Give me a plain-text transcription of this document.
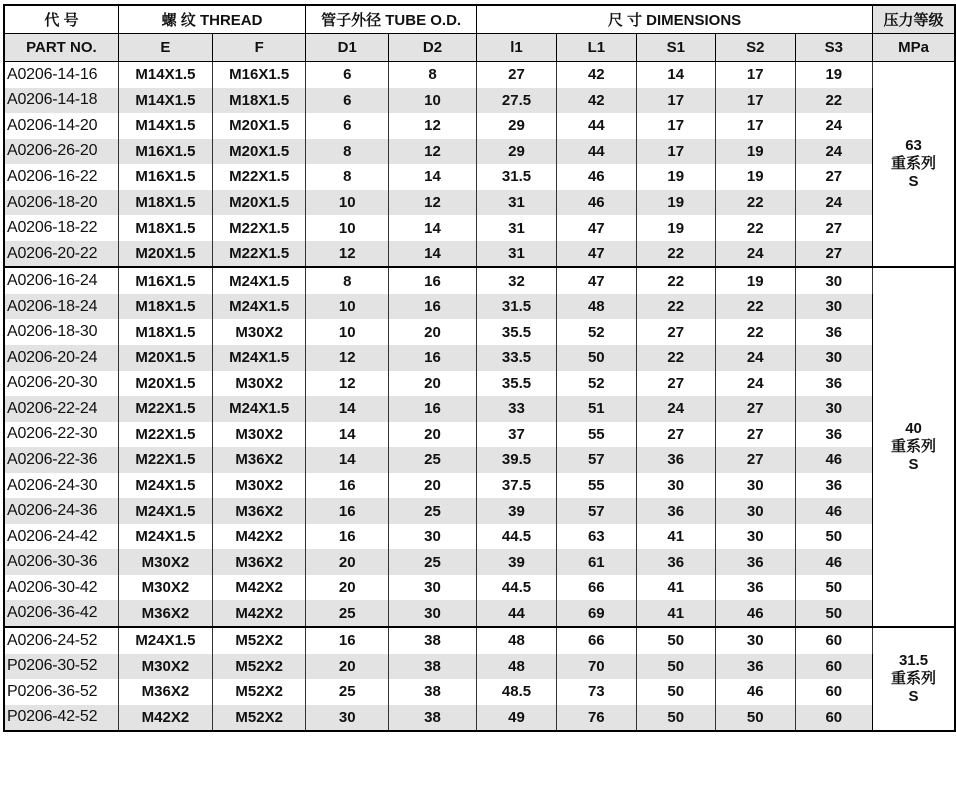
代 号	螺 纹 THREAD		管子外径 TUBE O.D.		尺 寸 DIMENSIONS					压力等级
PART NO.	E	F	D1	D2	l1	L1	S1	S2	S3	MPa
A0206-14-16	M14X1.5	M16X1.5	6	8	27	42	14	17	19	63
重系列
S

A0206-14-18	M14X1.5	M18X1.5	6	10	27.5	42	17	17	22	
A0206-14-20	M14X1.5	M20X1.5	6	12	29	44	17	17	24	
A0206-26-20	M16X1.5	M20X1.5	8	12	29	44	17	19	24	
A0206-16-22	M16X1.5	M22X1.5	8	14	31.5	46	19	19	27	
A0206-18-20	M18X1.5	M20X1.5	10	12	31	46	19	22	24	
A0206-18-22	M18X1.5	M22X1.5	10	14	31	47	19	22	27	
A0206-20-22	M20X1.5	M22X1.5	12	14	31	47	22	24	27	
A0206-16-24	M16X1.5	M24X1.5	8	16	32	47	22	19	30	40
重系列
S

A0206-18-24	M18X1.5	M24X1.5	10	16	31.5	48	22	22	30	
A0206-18-30	M18X1.5	M30X2	10	20	35.5	52	27	22	36	
A0206-20-24	M20X1.5	M24X1.5	12	16	33.5	50	22	24	30	
A0206-20-30	M20X1.5	M30X2	12	20	35.5	52	27	24	36	
A0206-22-24	M22X1.5	M24X1.5	14	16	33	51	24	27	30	
A0206-22-30	M22X1.5	M30X2	14	20	37	55	27	27	36	
A0206-22-36	M22X1.5	M36X2	14	25	39.5	57	36	27	46	
A0206-24-30	M24X1.5	M30X2	16	20	37.5	55	30	30	36	
A0206-24-36	M24X1.5	M36X2	16	25	39	57	36	30	46	
A0206-24-42	M24X1.5	M42X2	16	30	44.5	63	41	30	50	
A0206-30-36	M30X2	M36X2	20	25	39	61	36	36	46	
A0206-30-42	M30X2	M42X2	20	30	44.5	66	41	36	50	
A0206-36-42	M36X2	M42X2	25	30	44	69	41	46	50	
A0206-24-52	M24X1.5	M52X2	16	38	48	66	50	30	60	31.5
重系列
S

P0206-30-52	M30X2	M52X2	20	38	48	70	50	36	60	
P0206-36-52	M36X2	M52X2	25	38	48.5	73	50	46	60	
P0206-42-52	M42X2	M52X2	30	38	49	76	50	50	60	
